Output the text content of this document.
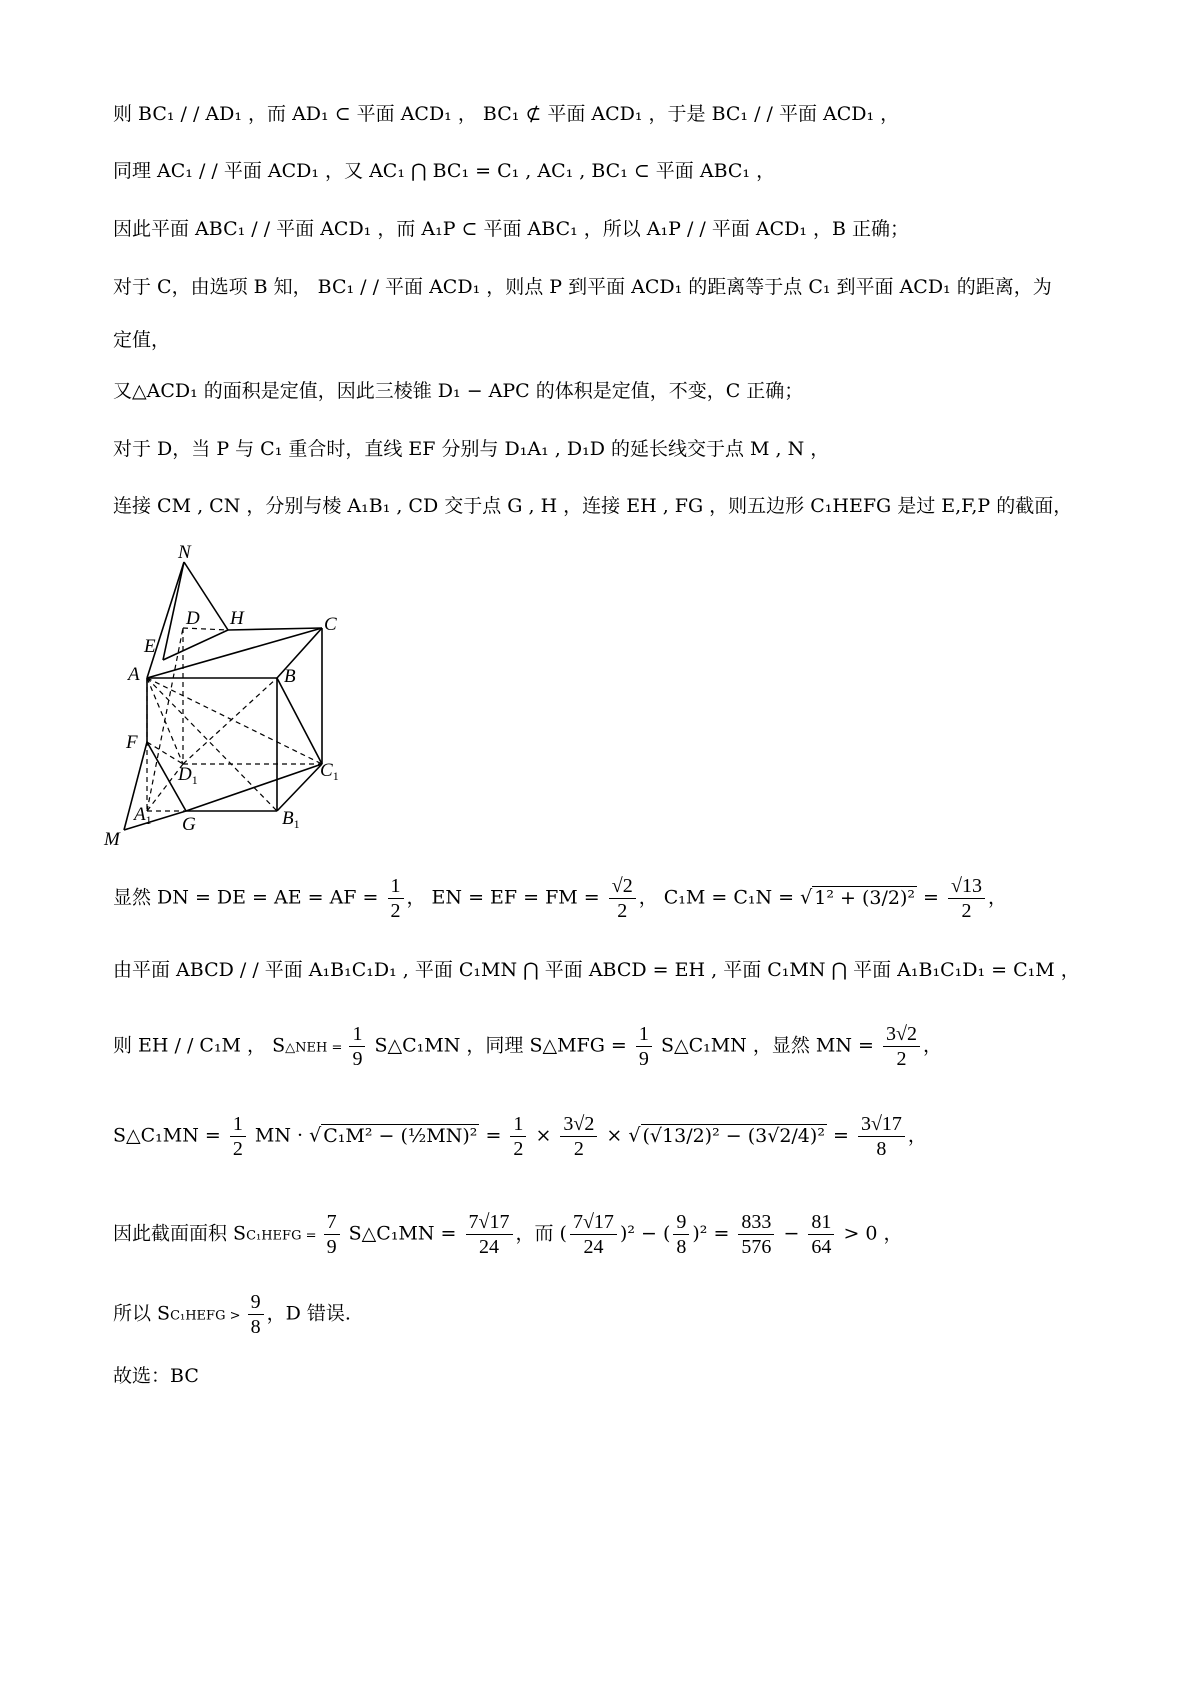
则 BC₁ / / AD₁ ，而 AD₁ ⊂ 平面 ACD₁ ， BC₁ ⊄ 平面 ACD₁ ，于是 BC₁ / / 平面 ACD₁ ，
同理 AC₁ / / 平面 ACD₁ ，又 AC₁ ⋂ BC₁ = C₁ , AC₁ , BC₁ ⊂ 平面 ABC₁ ，
因此平面 ABC₁ / / 平面 ACD₁ ，而 A₁P ⊂ 平面 ABC₁ ，所以 A₁P / / 平面 ACD₁ ，B 正确；
对于 C，由选项 B 知， BC₁ / / 平面 ACD₁ ，则点 P 到平面 ACD₁ 的距离等于点 C₁ 到平面 ACD₁ 的距离，为
定值，
又△ACD₁ 的面积是定值，因此三棱锥 D₁ − APC 的体积是定值，不变，C 正确；
对于 D，当 P 与 C₁ 重合时，直线 EF 分别与 D₁A₁ , D₁D 的延长线交于点 M , N ，
连接 CM , CN ，分别与棱 A₁B₁ , CD 交于点 G , H ，连接 EH , FG ，则五边形 C₁HEFG 是过 E,F,P 的截面，
N
D H	C
E
A	B
F
$D_1$	$C_1$
$A_1$ G	$B_1$
M
显然 DN = DE = AE = AF = $\frac{1}{2}$ ， EN = EF = FM = $\frac{√2}{2}$ ， C₁M = C₁N = √ $1^2 + (3/2)^2 = \frac{√13}{2}$ ，
由平面 ABCD / / 平面 A₁B₁C₁D₁ , 平面 C₁MN ⋂ 平面 ABCD = EH , 平面 C₁MN ⋂ 平面 A₁B₁C₁D₁ = C₁M ，
则 EH / / C₁M ， S△NEH = $\frac{1}{9}$ S△C₁MN ，同理 S△MFG = $\frac{1}{9}$ S△C₁MN ，显然 MN = $\frac{3√2}{2}$ ，
S△C₁MN = $\frac{1}{2}$ MN · √ C₁M² − (½MN)² = $\frac{1}{2} \times \frac{3√2}{2}$ × √ $(√13/2)^2 - (3√2/4)^2 = \frac{3√17}{8}$ ，
因此截面面积 SC₁HEFG = $\frac{7}{9}$ S△C₁MN = $\frac{7√17}{24}$ ，而 ( $\frac{7√17}{24} )^2$ − ( $\frac{9}{8} )^2 = \frac{833}{576} - \frac{81}{64} > 0$ ，
所以 SC₁HEFG > $\frac{9}{8}$ ，D 错误.
故选：BC
